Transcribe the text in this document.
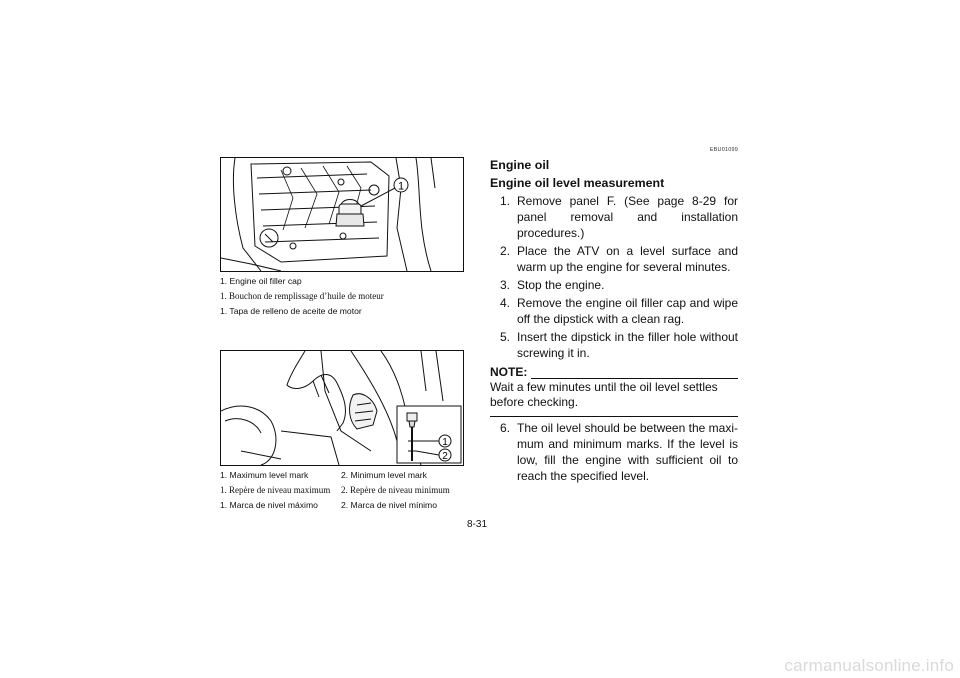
1
1. Engine oil filler cap
1. Bouchon de remplissage d’huile de moteur
1. Tapa de relleno de aceite de motor
1
2
1. Maximum level mark	2. Minimum level mark
1. Repère de niveau maximum 2. Repère de niveau minimum
1. Marca de nivel máximo	2. Marca de nivel mínimo
EBU01099
Engine oil
Engine oil level measurement
1. Remove panel F. (See page 8-29 for panel removal and installation procedures.)
2. Place the ATV on a level surface and warm up the engine for several minutes.
3. Stop the engine.
4. Remove the engine oil filler cap and wipe off the dipstick with a clean rag.
5. Insert the dipstick in the filler hole without screwing it in.
NOTE:
Wait a few minutes until the oil level settles before checking.
6. The oil level should be between the maxi-mum and minimum marks. If the level is low, fill the engine with sufficient oil to reach the specified level.
8-31
carmanualsonline.info
